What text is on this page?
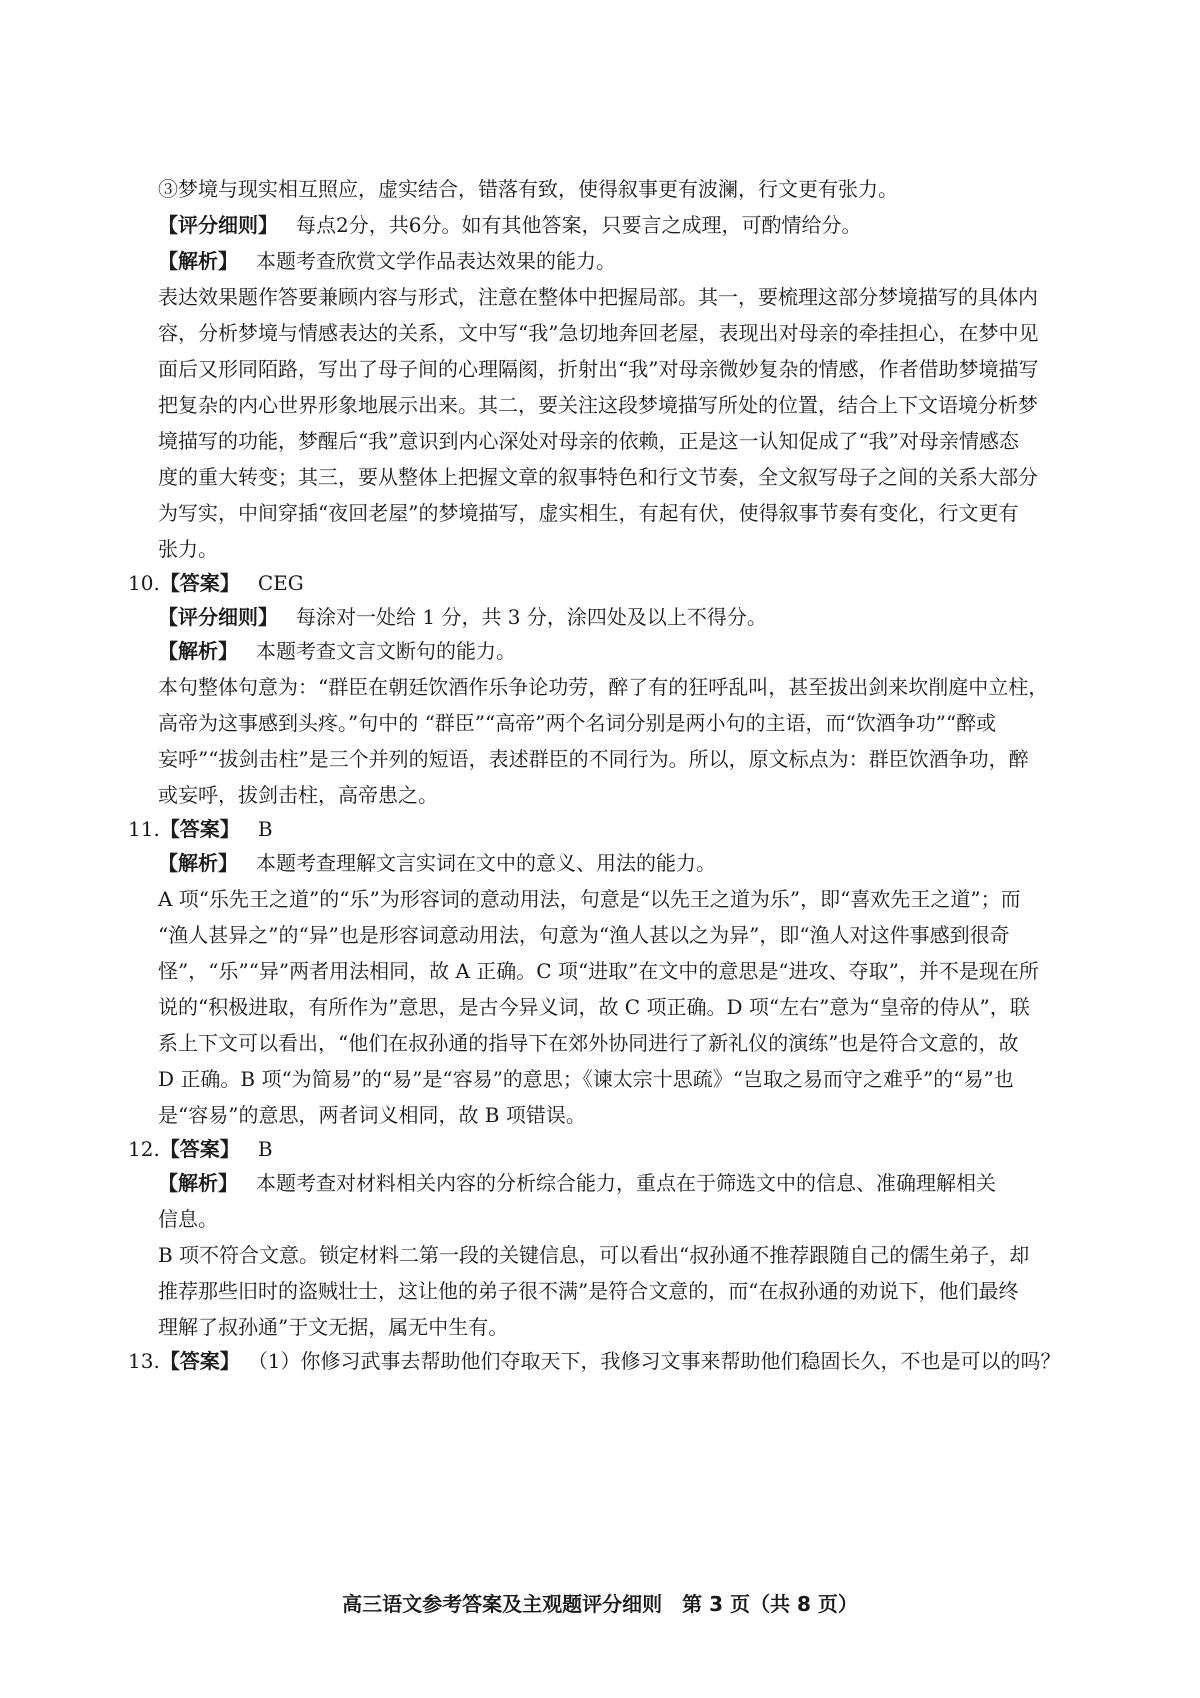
③梦境与现实相互照应，虚实结合，错落有致，使得叙事更有波澜，行文更有张力。
【评分细则】 每点2分，共6分。如有其他答案，只要言之成理，可酌情给分。
【解析】 本题考查欣赏文学作品表达效果的能力。
表达效果题作答要兼顾内容与形式，注意在整体中把握局部。其一，要梳理这部分梦境描写的具体内
容，分析梦境与情感表达的关系，文中写“我”急切地奔回老屋，表现出对母亲的牵挂担心，在梦中见
面后又形同陌路，写出了母子间的心理隔阂，折射出“我”对母亲微妙复杂的情感，作者借助梦境描写
把复杂的内心世界形象地展示出来。其二，要关注这段梦境描写所处的位置，结合上下文语境分析梦
境描写的功能，梦醒后“我”意识到内心深处对母亲的依赖，正是这一认知促成了“我”对母亲情感态
度的重大转变；其三，要从整体上把握文章的叙事特色和行文节奏，全文叙写母子之间的关系大部分
为写实，中间穿插“夜回老屋”的梦境描写，虚实相生，有起有伏，使得叙事节奏有变化，行文更有
张力。
10.【答案】 CEG
【评分细则】 每涂对一处给 1 分，共 3 分，涂四处及以上不得分。
【解析】 本题考查文言文断句的能力。
本句整体句意为：“群臣在朝廷饮酒作乐争论功劳，醉了有的狂呼乱叫，甚至拔出剑来坎削庭中立柱，
高帝为这事感到头疼。”句中的 “群臣”“高帝”两个名词分别是两小句的主语，而“饮酒争功”“醉或
妄呼”“拔剑击柱”是三个并列的短语，表述群臣的不同行为。所以，原文标点为：群臣饮酒争功，醉
或妄呼，拔剑击柱，高帝患之。
11.【答案】 B
【解析】 本题考查理解文言实词在文中的意义、用法的能力。
A 项“乐先王之道”的“乐”为形容词的意动用法，句意是“以先王之道为乐”，即“喜欢先王之道”；而
“渔人甚异之”的“异”也是形容词意动用法，句意为“渔人甚以之为异”，即“渔人对这件事感到很奇
怪”，“乐”“异”两者用法相同，故 A 正确。C 项“进取”在文中的意思是“进攻、夺取”，并不是现在所
说的“积极进取，有所作为”意思，是古今异义词，故 C 项正确。D 项“左右”意为“皇帝的侍从”，联
系上下文可以看出，“他们在叔孙通的指导下在郊外协同进行了新礼仪的演练”也是符合文意的，故
D 正确。B 项“为简易”的“易”是“容易”的意思；《谏太宗十思疏》“岂取之易而守之难乎”的“易”也
是“容易”的意思，两者词义相同，故 B 项错误。
12.【答案】 B
【解析】 本题考查对材料相关内容的分析综合能力，重点在于筛选文中的信息、准确理解相关
信息。
B 项不符合文意。锁定材料二第一段的关键信息，可以看出“叔孙通不推荐跟随自己的儒生弟子，却
推荐那些旧时的盗贼壮士，这让他的弟子很不满”是符合文意的，而“在叔孙通的劝说下，他们最终
理解了叔孙通”于文无据，属无中生有。
13.【答案】 （1）你修习武事去帮助他们夺取天下，我修习文事来帮助他们稳固长久，不也是可以的吗？
高三语文参考答案及主观题评分细则　第 3 页（共 8 页）
